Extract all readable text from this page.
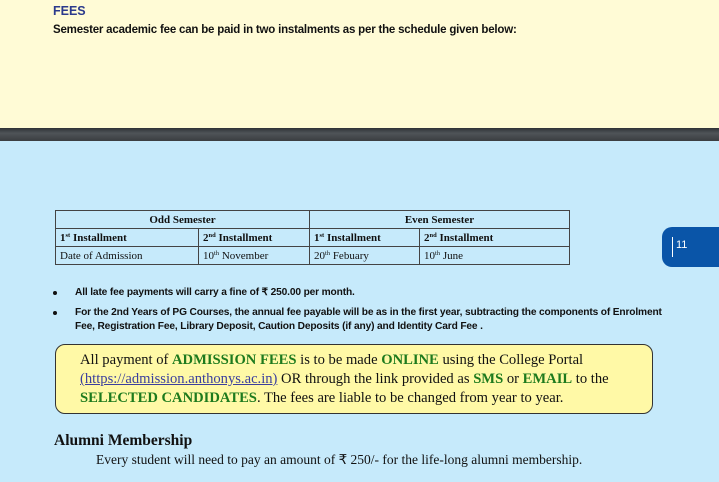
FEES
Semester academic fee can be paid in two instalments as per the schedule given below:
Odd Semester		Even Semester	
1st Installment	2nd Installment	1st Installment	2nd Installment
Date of Admission	10th November	20th Febuary	10th June
11
All late fee payments will carry a fine of ₹ 250.00 per month.
For the 2nd Years of PG Courses, the annual fee payable will be as in the first year, subtracting the components of Enrolment Fee, Registration Fee, Library Deposit, Caution Deposits (if any) and Identity Card Fee .

All payment of ADMISSION FEES is to be made ONLINE using the College Portal (https://admission.anthonys.ac.in) OR through the link provided as SMS or EMAIL to the SELECTED CANDIDATES. The fees are liable to be changed from year to year.

Alumni Membership
Every student will need to pay an amount of ₹ 250/- for the life-long alumni membership.
